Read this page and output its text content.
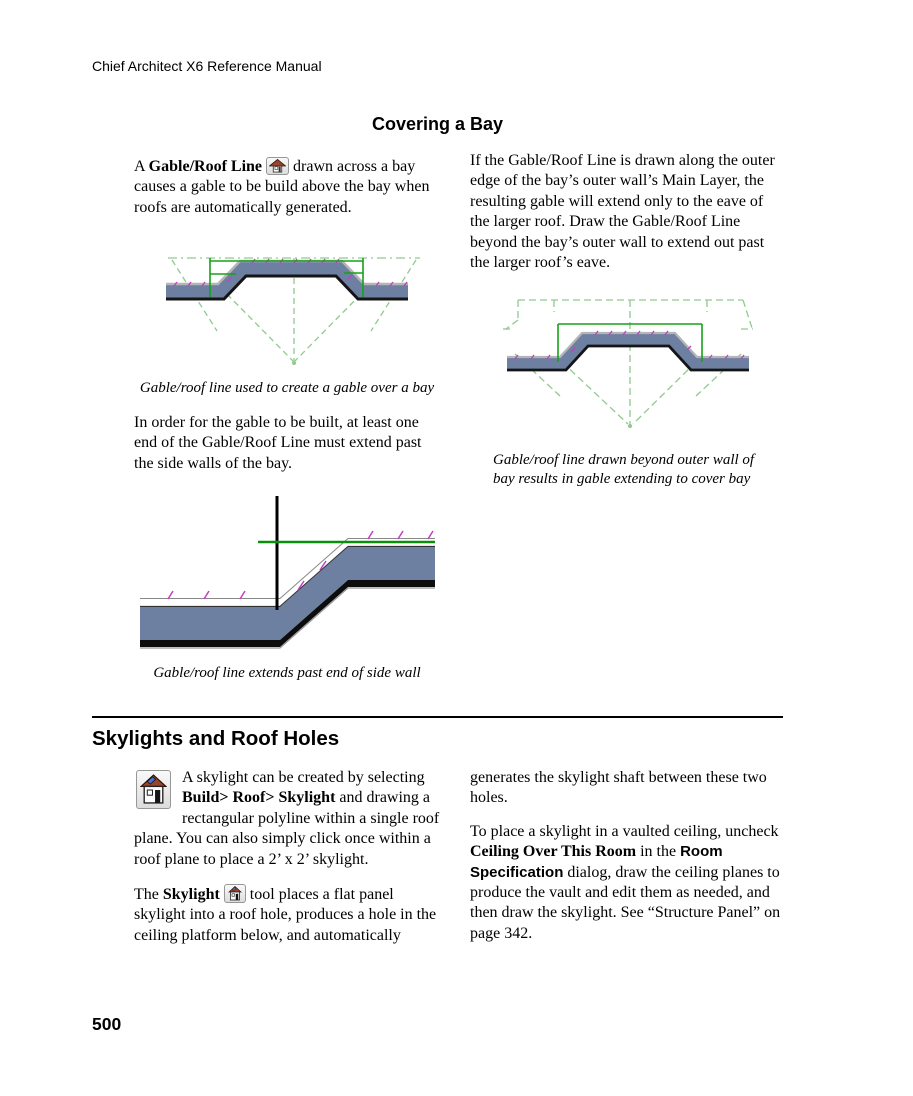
Chief Architect X6 Reference Manual
Covering a Bay
A Gable/Roof Line
drawn across a bay causes a gable to be build above the bay when roofs are automatically generated.
If the Gable/Roof Line is drawn along the outer edge of the bay’s outer wall’s Main Layer, the resulting gable will extend only to the eave of the larger roof. Draw the Gable/Roof Line beyond the bay’s outer wall to extend out past the larger roof’s eave.
Gable/roof line used to create a gable over a bay
In order for the gable to be built, at least one end of the Gable/Roof Line must extend past the side walls of the bay.	Gable/roof line drawn beyond outer wall of bay results in gable extending to cover bay
Gable/roof line extends past end of side wall
Skylights and Roof Holes

A skylight can be created by selecting Build> Roof> Skylight and drawing a rectangular polyline within a single roof plane. You can also simply click once within a roof plane to place a 2’ x 2’ skylight.

The Skylight
tool places a flat panel skylight into a roof hole, produces a hole in the ceiling platform below, and automatically

generates the skylight shaft between these two holes.

To place a skylight in a vaulted ceiling, uncheck Ceiling Over This Room in the Room Specification dialog, draw the ceiling planes to produce the vault and edit them as needed, and then draw the skylight. See “Structure Panel” on page 342.

500
